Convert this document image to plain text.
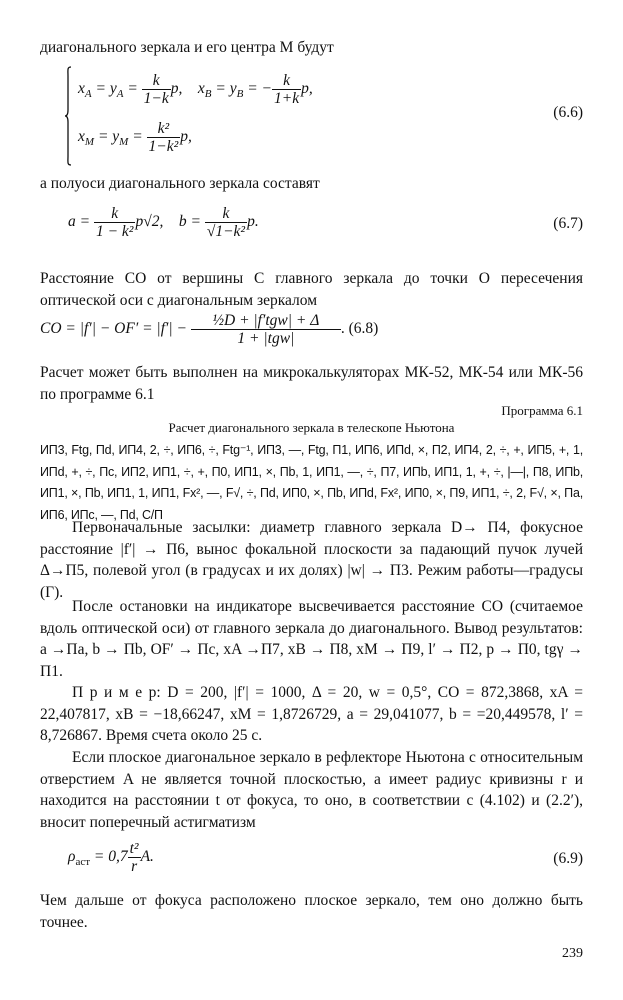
диагонального зеркала и его центра М будут
$x_A = y_A = \frac{k}{1-k} p$, $x_B = y_B$ = − $\frac{k}{1+k} p$,
(6.6)
$x_M = y_M = \frac{\text{k²}}{\text{1−k²}} p$,
а полуоси диагонального зеркала составят
$a = \frac{k}{\text{1 − k²}} p√2$, $b = \frac{k}{\text{√1−k²}} p$.	(6.7)
Расстояние CO от вершины C главного зеркала до точки O пересечения оптической оси с диагональным зеркалом
CO = $|f'| - OF' = |f'| - \frac{\text{½D + |f′tgw| + Δ}}{\text{1 + |tgw|}}$ . (6.8)
Расчет может быть выполнен на микрокалькуляторах МК-52, МК-54 или МК-56 по программе 6.1
Программа 6.1
Расчет диагонального зеркала в телескопе Ньютона
ИП3, Ftg, Пd, ИП4, 2, ÷, ИП6, ÷, Ftg⁻¹, ИП3, —, Ftg, П1, ИП6, ИПd, ×, П2, ИП4, 2, ÷, +, ИП5, +, 1, ИПd, +, ÷, Пс, ИП2, ИП1, ÷, +, П0, ИП1, ×, Пb, 1, ИП1, —, ÷, П7, ИПb, ИП1, 1, +, ÷, |—|, П8, ИПb, ИП1, ×, Пb, ИП1, 1, ИП1, Fx², —, F√, ÷, Пd, ИП0, ×, Пb, ИПd, Fx², ИП0, ×, П9, ИП1, ÷, 2, F√, ×, Па, ИП6, ИПс, —, Пd, С/П
Первоначальные засылки: диаметр главного зеркала D→ П4, фокусное расстояние |f′| → П6, вынос фокальной плоскости за падающий пучок лучей Δ→П5, полевой угол (в градусах и их долях) |w| → П3. Режим работы—градусы (Г).
После остановки на индикаторе высвечивается расстояние CO (считаемое вдоль оптической оси) от главного зеркала до диагонального. Вывод результатов: a →Па, b → Пb, OF′ → Пс, xA →П7, xB → П8, xM → П9, l′ → П2, p → П0, tgγ → П1.
П р и м е р: D = 200, |f′| = 1000, Δ = 20, w = 0,5°, CO = 872,3868, xA = 22,407817, xB = −18,66247, xM = 1,8726729, a = 29,041077, b = =20,449578, l′ = 8,726867. Время счета около 25 с.
Если плоское диагональное зеркало в рефлекторе Ньютона с относительным отверстием A не является точной плоскостью, а имеет радиус кривизны r и находится на расстоянии t от фокуса, то оно, в соответствии с (4.102) и (2.2′), вносит поперечный астигматизм
$\rho_{аст} = 0,7 \frac{\text{t²}}{r} A$.	(6.9)
Чем дальше от фокуса расположено плоское зеркало, тем оно должно быть точнее.
239
